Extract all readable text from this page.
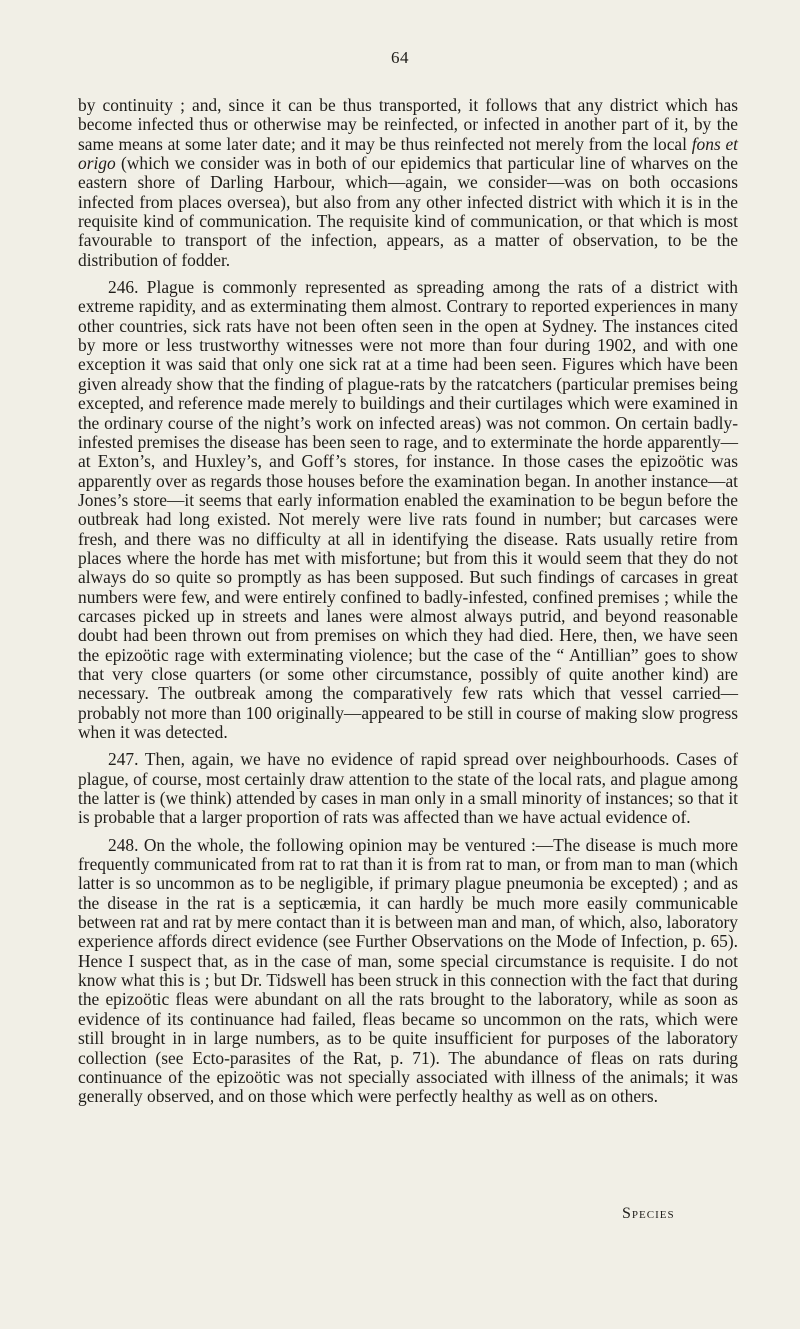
64

by continuity ; and, since it can be thus transported, it follows that any district which has become infected thus or otherwise may be reinfected, or infected in another part of it, by the same means at some later date; and it may be thus reinfected not merely from the local fons et origo (which we consider was in both of our epidemics that particular line of wharves on the eastern shore of Darling Harbour, which—again, we consider—was on both occasions infected from places oversea), but also from any other infected district with which it is in the requisite kind of communication. The requisite kind of communication, or that which is most favourable to transport of the infection, appears, as a matter of observation, to be the distribution of fodder.

246. Plague is commonly represented as spreading among the rats of a district with extreme rapidity, and as exterminating them almost. Contrary to reported experiences in many other countries, sick rats have not been often seen in the open at Sydney. The instances cited by more or less trustworthy witnesses were not more than four during 1902, and with one exception it was said that only one sick rat at a time had been seen. Figures which have been given already show that the finding of plague-rats by the ratcatchers (particular premises being excepted, and reference made merely to buildings and their curtilages which were examined in the ordinary course of the night’s work on infected areas) was not common. On certain badly-infested premises the disease has been seen to rage, and to exterminate the horde apparently—at Exton’s, and Huxley’s, and Goff’s stores, for instance. In those cases the epizoötic was apparently over as regards those houses before the examination began. In another instance—at Jones’s store—it seems that early information enabled the examination to be begun before the outbreak had long existed. Not merely were live rats found in number; but carcases were fresh, and there was no difficulty at all in identifying the disease. Rats usually retire from places where the horde has met with misfortune; but from this it would seem that they do not always do so quite so promptly as has been supposed. But such findings of carcases in great numbers were few, and were entirely confined to badly-infested, confined premises ; while the carcases picked up in streets and lanes were almost always putrid, and beyond reasonable doubt had been thrown out from premises on which they had died. Here, then, we have seen the epizoötic rage with exterminating violence; but the case of the “ Antillian” goes to show that very close quarters (or some other circumstance, possibly of quite another kind) are necessary. The outbreak among the comparatively few rats which that vessel carried—probably not more than 100 originally—appeared to be still in course of making slow progress when it was detected.

247. Then, again, we have no evidence of rapid spread over neighbourhoods. Cases of plague, of course, most certainly draw attention to the state of the local rats, and plague among the latter is (we think) attended by cases in man only in a small minority of instances; so that it is probable that a larger proportion of rats was affected than we have actual evidence of.

248. On the whole, the following opinion may be ventured :—The disease is much more frequently communicated from rat to rat than it is from rat to man, or from man to man (which latter is so uncommon as to be negligible, if primary plague pneumonia be excepted) ; and as the disease in the rat is a septicæmia, it can hardly be much more easily communicable between rat and rat by mere contact than it is between man and man, of which, also, laboratory experience affords direct evidence (see Further Observations on the Mode of Infection, p. 65). Hence I suspect that, as in the case of man, some special circumstance is requisite. I do not know what this is ; but Dr. Tidswell has been struck in this connection with the fact that during the epizoötic fleas were abundant on all the rats brought to the laboratory, while as soon as evidence of its continuance had failed, fleas became so uncommon on the rats, which were still brought in in large numbers, as to be quite insufficient for purposes of the laboratory collection (see Ecto-parasites of the Rat, p. 71). The abundance of fleas on rats during continuance of the epizoötic was not specially associated with illness of the animals; it was generally observed, and on those which were perfectly healthy as well as on others.

Species
